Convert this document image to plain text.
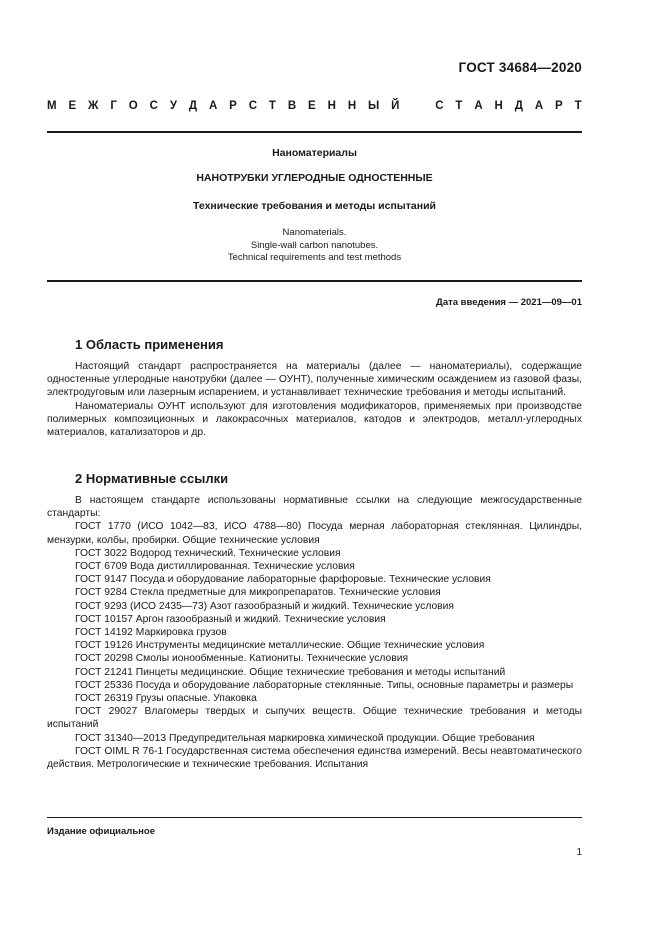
ГОСТ 34684—2020
М Е Ж Г О С У Д А Р С Т В Е Н Н Ы Й	С Т А Н Д А Р Т
Наноматериалы
НАНОТРУБКИ УГЛЕРОДНЫЕ ОДНОСТЕННЫЕ
Технические требования и методы испытаний
Nanomaterials.
Single-wall carbon nanotubes.
Technical requirements and test methods
Дата введения — 2021—09—01
1 Область применения

Настоящий стандарт распространяется на материалы (далее — наноматериалы), содержащие одностенные углеродные нанотрубки (далее — ОУНТ), полученные химическим осаждением из газовой фазы, электродуговым или лазерным испарением, и устанавливает технические требования и методы испытаний.

Наноматериалы ОУНТ используют для изготовления модификаторов, применяемых при производстве полимерных композиционных и лакокрасочных материалов, катодов и электродов, металл-углеродных материалов, катализаторов и др.

2 Нормативные ссылки

В настоящем стандарте использованы нормативные ссылки на следующие межгосударственные стандарты:

ГОСТ 1770 (ИСО 1042—83, ИСО 4788—80) Посуда мерная лабораторная стеклянная. Цилиндры, мензурки, колбы, пробирки. Общие технические условия

ГОСТ 3022 Водород технический. Технические условия

ГОСТ 6709 Вода дистиллированная. Технические условия

ГОСТ 9147 Посуда и оборудование лабораторные фарфоровые. Технические условия

ГОСТ 9284 Стекла предметные для микропрепаратов. Технические условия

ГОСТ 9293 (ИСО 2435—73) Азот газообразный и жидкий. Технические условия

ГОСТ 10157 Аргон газообразный и жидкий. Технические условия

ГОСТ 14192 Маркировка грузов

ГОСТ 19126 Инструменты медицинские металлические. Общие технические условия

ГОСТ 20298 Смолы ионообменные. Катиониты. Технические условия

ГОСТ 21241 Пинцеты медицинские. Общие технические требования и методы испытаний

ГОСТ 25336 Посуда и оборудование лабораторные стеклянные. Типы, основные параметры и размеры

ГОСТ 26319 Грузы опасные. Упаковка

ГОСТ 29027 Влагомеры твердых и сыпучих веществ. Общие технические требования и методы испытаний

ГОСТ 31340—2013 Предупредительная маркировка химической продукции. Общие требования

ГОСТ OIML R 76-1 Государственная система обеспечения единства измерений. Весы неавтоматического действия. Метрологические и технические требования. Испытания

Издание официальное
1
